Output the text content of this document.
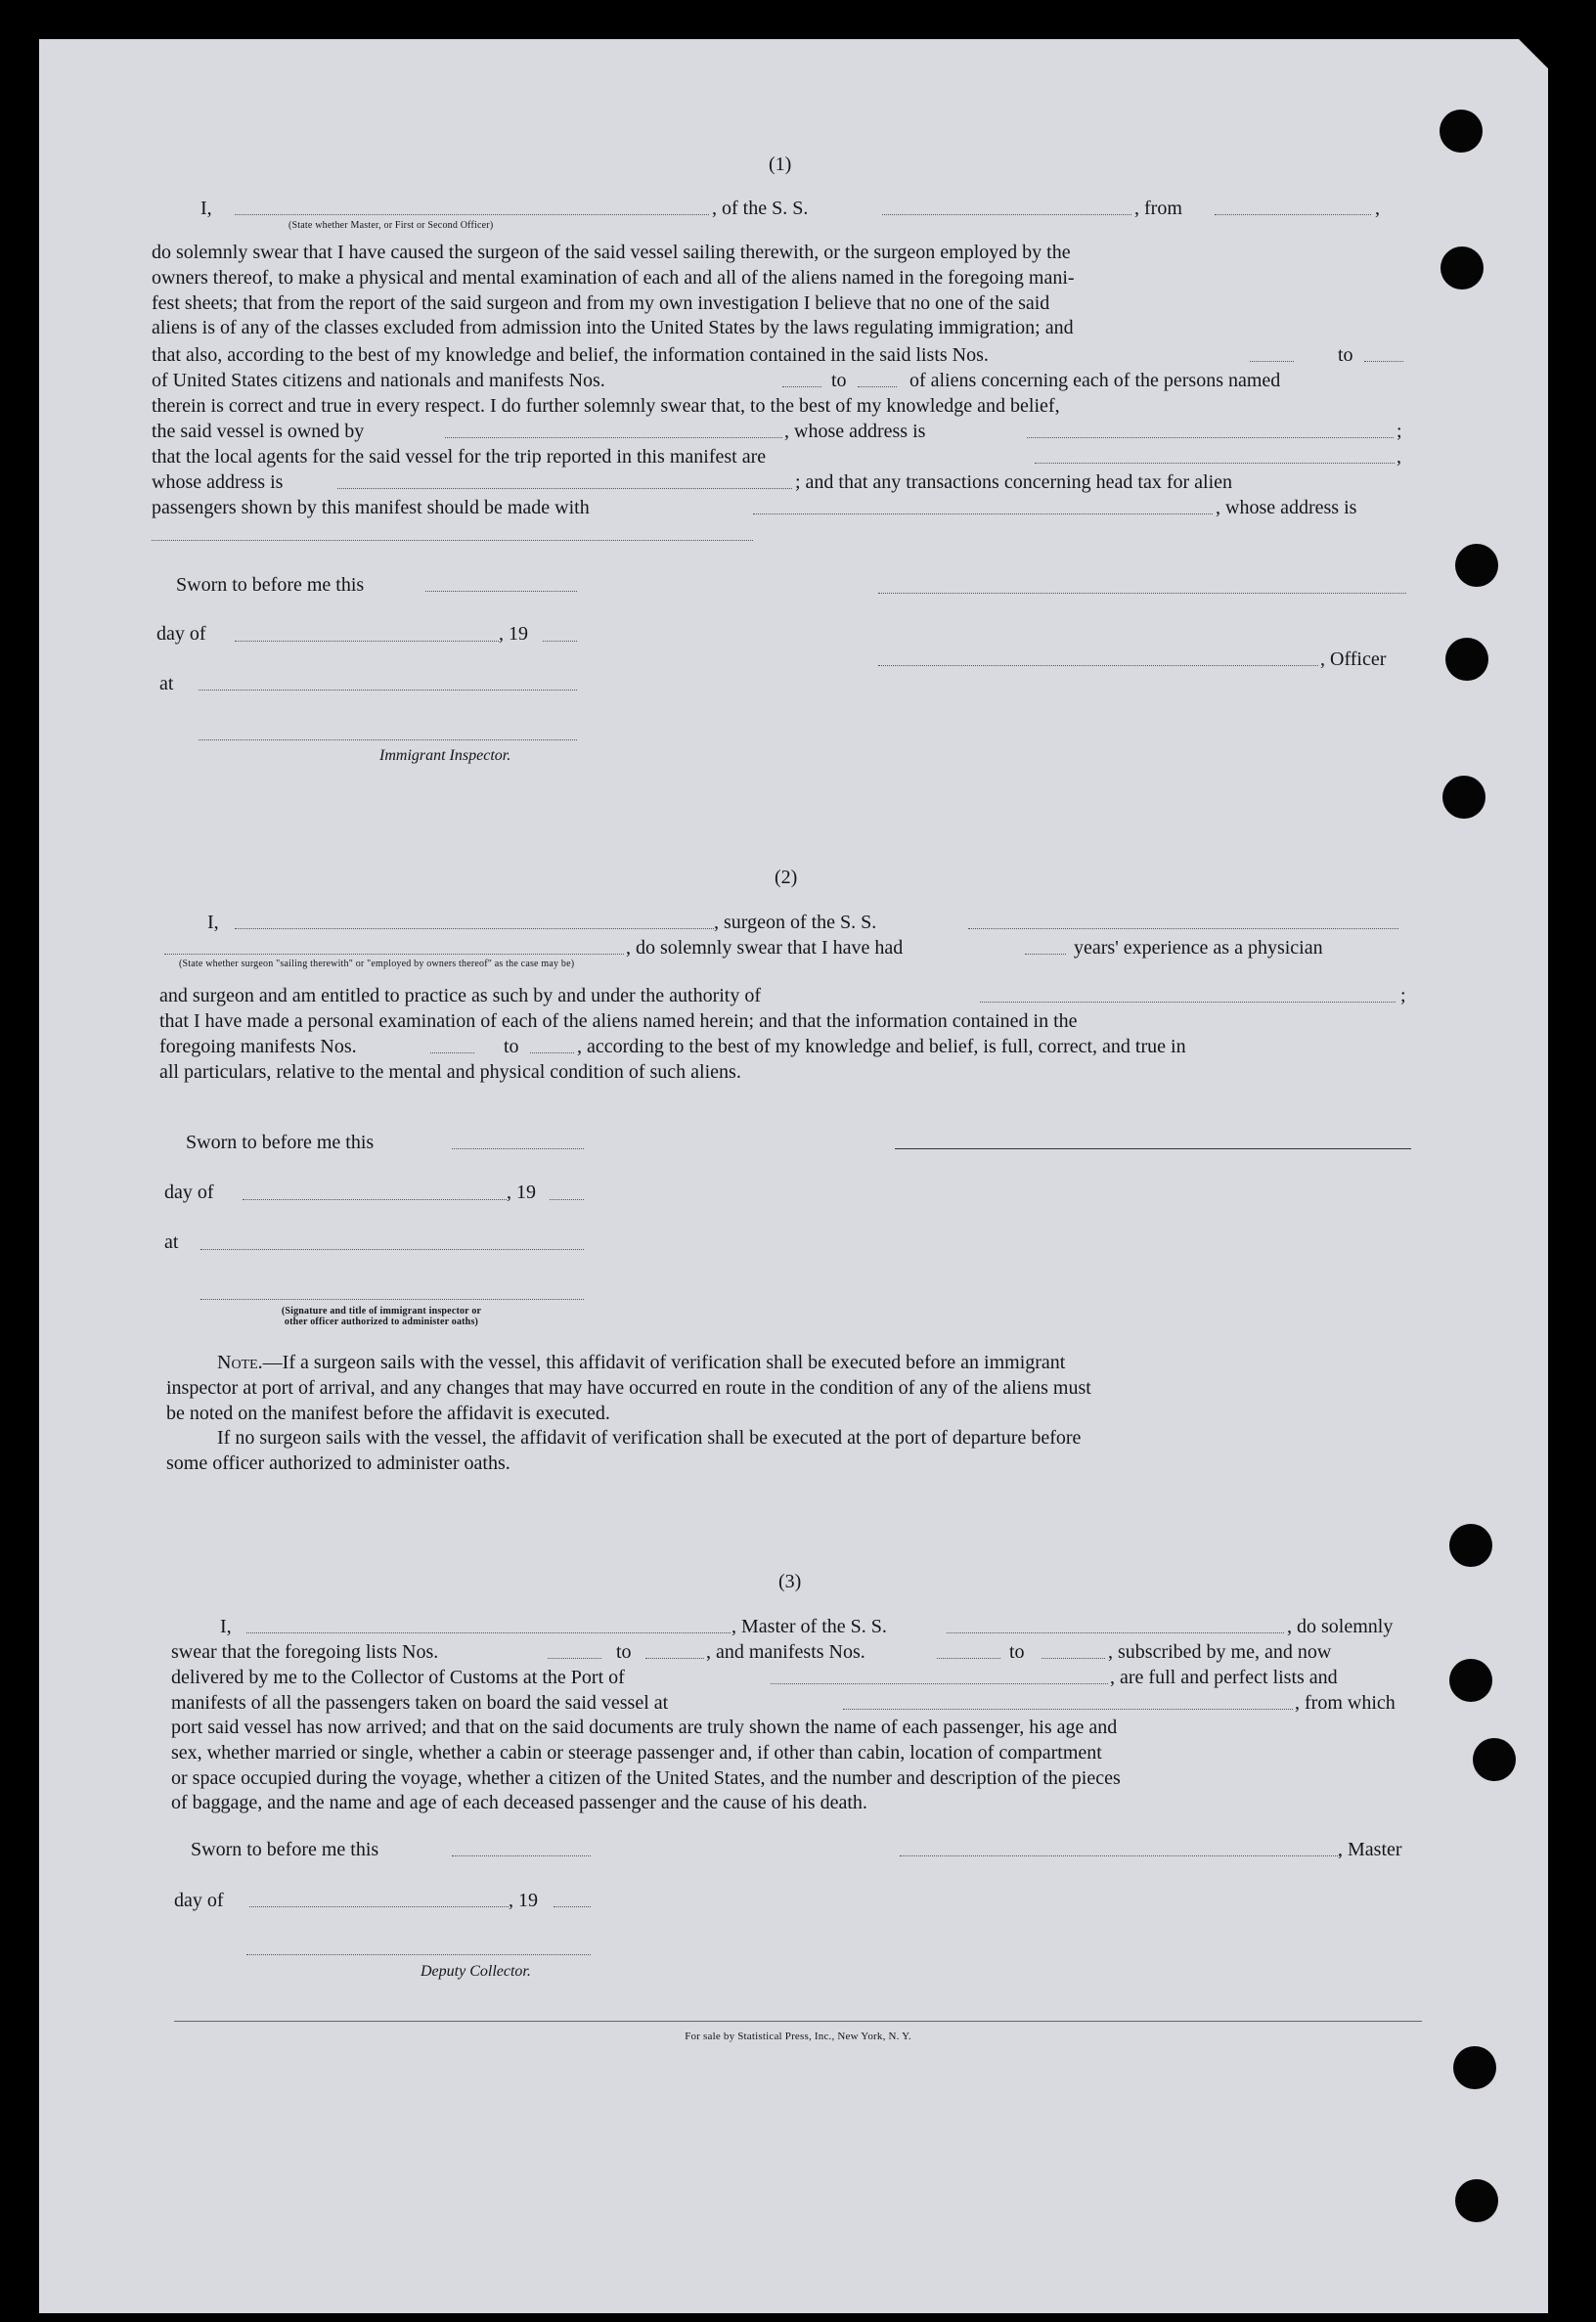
(1)
I,	, of the S. S.	, from	,
(State whether Master, or First or Second Officer)
do solemnly swear that I have caused the surgeon of the said vessel sailing therewith, or the surgeon employed by the
owners thereof, to make a physical and mental examination of each and all of the aliens named in the foregoing mani-
fest sheets; that from the report of the said surgeon and from my own investigation I believe that no one of the said
aliens is of any of the classes excluded from admission into the United States by the laws regulating immigration; and
that also, according to the best of my knowledge and belief, the information contained in the said lists Nos.	to
of United States citizens and nationals and manifests Nos.	to	of aliens concerning each of the persons named
therein is correct and true in every respect. I do further solemnly swear that, to the best of my knowledge and belief,
the said vessel is owned by	, whose address is	;
that the local agents for the said vessel for the trip reported in this manifest are	,
whose address is	; and that any transactions concerning head tax for alien
passengers shown by this manifest should be made with	, whose address is
Sworn to before me this
day of	, 19
, Officer
at
Immigrant Inspector.
(2)
I,	, surgeon of the S. S.
, do solemnly swear that I have had	years' experience as a physician
(State whether surgeon "sailing therewith" or "employed by owners thereof" as the case may be)
and surgeon and am entitled to practice as such by and under the authority of	;
that I have made a personal examination of each of the aliens named herein; and that the information contained in the
foregoing manifests Nos.	to	, according to the best of my knowledge and belief, is full, correct, and true in
all particulars, relative to the mental and physical condition of such aliens.
Sworn to before me this
day of	, 19
at
(Signature and title of immigrant inspector or
other officer authorized to administer oaths)
Note.—If a surgeon sails with the vessel, this affidavit of verification shall be executed before an immigrant
inspector at port of arrival, and any changes that may have occurred en route in the condition of any of the aliens must
be noted on the manifest before the affidavit is executed.
If no surgeon sails with the vessel, the affidavit of verification shall be executed at the port of departure before
some officer authorized to administer oaths.
(3)
I,	, Master of the S. S.	, do solemnly
swear that the foregoing lists Nos.	to	, and manifests Nos.	to	, subscribed by me, and now
delivered by me to the Collector of Customs at the Port of	, are full and perfect lists and
manifests of all the passengers taken on board the said vessel at	, from which
port said vessel has now arrived; and that on the said documents are truly shown the name of each passenger, his age and
sex, whether married or single, whether a cabin or steerage passenger and, if other than cabin, location of compartment
or space occupied during the voyage, whether a citizen of the United States, and the number and description of the pieces
of baggage, and the name and age of each deceased passenger and the cause of his death.
Sworn to before me this	, Master
day of	, 19
Deputy Collector.
For sale by Statistical Press, Inc., New York, N. Y.
